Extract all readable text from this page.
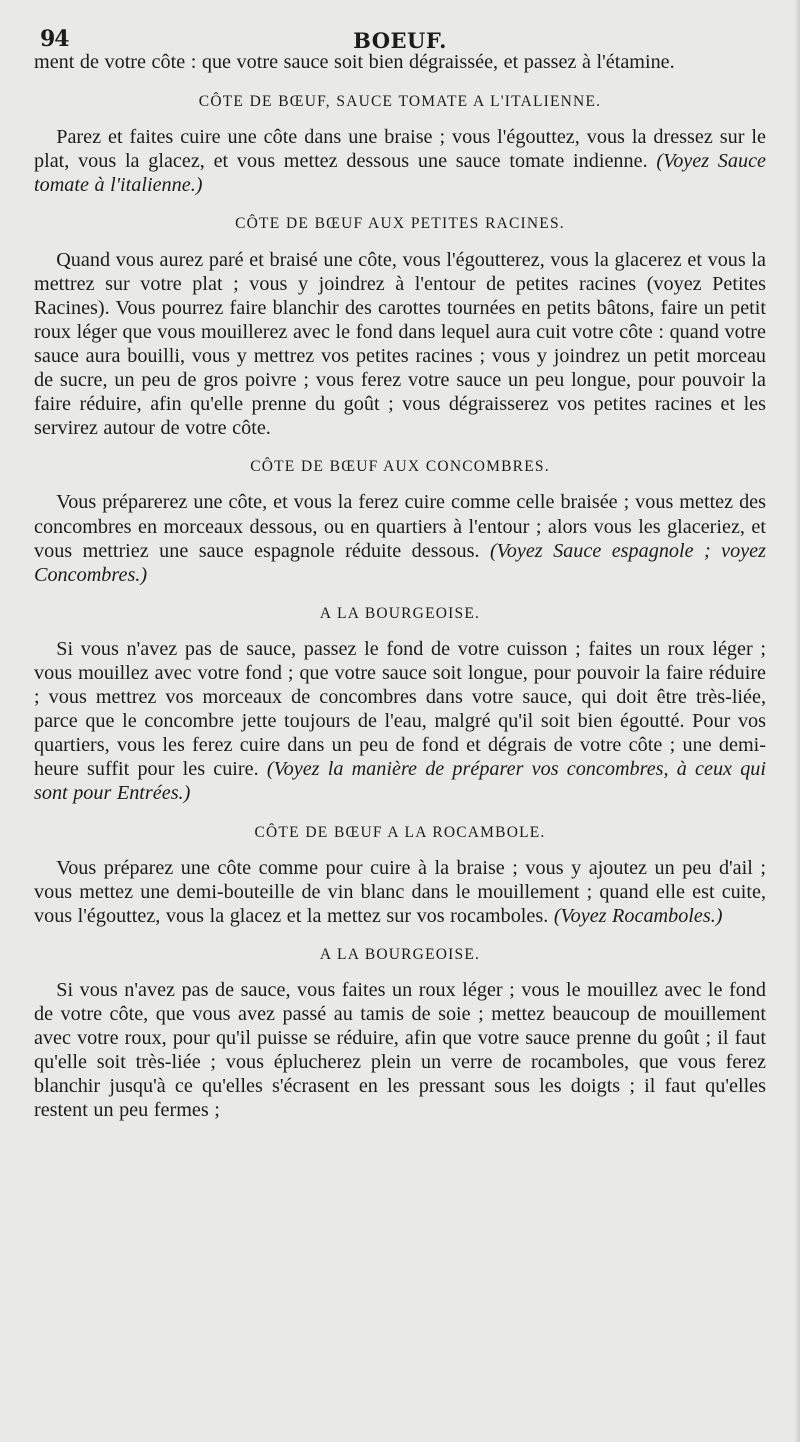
94	BOEUF.

ment de votre côte : que votre sauce soit bien dégraissée, et passez à l'étamine.

CÔTE DE BŒUF, SAUCE TOMATE A L'ITALIENNE.

Parez et faites cuire une côte dans une braise ; vous l'égouttez, vous la dressez sur le plat, vous la glacez, et vous mettez dessous une sauce tomate indienne. (Voyez Sauce tomate à l'italienne.)

CÔTE DE BŒUF AUX PETITES RACINES.

Quand vous aurez paré et braisé une côte, vous l'égoutterez, vous la glacerez et vous la mettrez sur votre plat ; vous y joindrez à l'entour de petites racines (voyez Petites Racines). Vous pourrez faire blanchir des carottes tournées en petits bâtons, faire un petit roux léger que vous mouillerez avec le fond dans lequel aura cuit votre côte : quand votre sauce aura bouilli, vous y mettrez vos petites racines ; vous y joindrez un petit morceau de sucre, un peu de gros poivre ; vous ferez votre sauce un peu longue, pour pouvoir la faire réduire, afin qu'elle prenne du goût ; vous dégraisserez vos petites racines et les servirez autour de votre côte.

CÔTE DE BŒUF AUX CONCOMBRES.

Vous préparerez une côte, et vous la ferez cuire comme celle braisée ; vous mettez des concombres en morceaux dessous, ou en quartiers à l'entour ; alors vous les glaceriez, et vous mettriez une sauce espagnole réduite dessous. (Voyez Sauce espagnole ; voyez Concombres.)

A LA BOURGEOISE.

Si vous n'avez pas de sauce, passez le fond de votre cuisson ; faites un roux léger ; vous mouillez avec votre fond ; que votre sauce soit longue, pour pouvoir la faire réduire ; vous mettrez vos morceaux de concombres dans votre sauce, qui doit être très-liée, parce que le concombre jette toujours de l'eau, malgré qu'il soit bien égoutté. Pour vos quartiers, vous les ferez cuire dans un peu de fond et dégrais de votre côte ; une demi-heure suffit pour les cuire. (Voyez la manière de préparer vos concombres, à ceux qui sont pour Entrées.)

CÔTE DE BŒUF A LA ROCAMBOLE.

Vous préparez une côte comme pour cuire à la braise ; vous y ajoutez un peu d'ail ; vous mettez une demi-bouteille de vin blanc dans le mouillement ; quand elle est cuite, vous l'égouttez, vous la glacez et la mettez sur vos rocamboles. (Voyez Rocamboles.)

A LA BOURGEOISE.

Si vous n'avez pas de sauce, vous faites un roux léger ; vous le mouillez avec le fond de votre côte, que vous avez passé au tamis de soie ; mettez beaucoup de mouillement avec votre roux, pour qu'il puisse se réduire, afin que votre sauce prenne du goût ; il faut qu'elle soit très-liée ; vous éplucherez plein un verre de rocamboles, que vous ferez blanchir jusqu'à ce qu'elles s'écrasent en les pressant sous les doigts ; il faut qu'elles restent un peu fermes ;
